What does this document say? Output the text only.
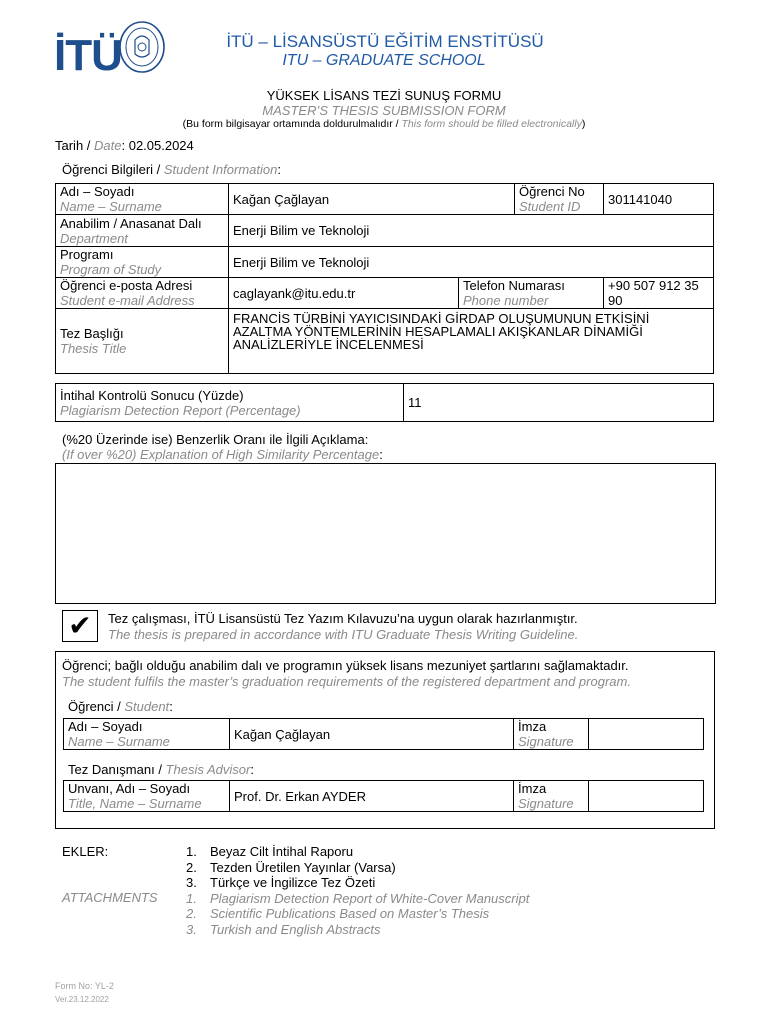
İTÜ	İTÜ – LİSANSÜSTÜ EĞİTİM ENSTİTÜSÜ
ITU – GRADUATE SCHOOL
YÜKSEK LİSANS TEZİ SUNUŞ FORMU
MASTER’S THESIS SUBMISSION FORM
(Bu form bilgisayar ortamında doldurulmalıdır / This form should be filled electronically)
Tarih / Date: 02.05.2024
Öğrenci Bilgileri / Student Information:
Adı – Soyadı
Name – Surname	Kağan Çağlayan		Öğrenci No
Student ID	301141040

Anabilim / Anasanat Dalı
Department	Enerji Bilim ve Teknoloji			

Programı
Program of Study	Enerji Bilim ve Teknoloji			

Öğrenci e-posta Adresi
Student e-mail Address	caglayank@itu.edu.tr	Telefon Numarası
Phone number		+90 507 912 35 90

Tez Başlığı
Thesis Title	FRANCİS TÜRBİNİ YAYICISINDAKİ GİRDAP OLUŞUMUNUN ETKİSİNİ AZALTMA YÖNTEMLERİNİN HESAPLAMALI AKIŞKANLAR DİNAMİĞİ ANALİZLERİYLE İNCELENMESİ			
İntihal Kontrolü Sonucu (Yüzde)
Plagiarism Detection Report (Percentage)	11
(%20 Üzerinde ise) Benzerlik Oranı ile İlgili Açıklama:
(If over %20) Explanation of High Similarity Percentage:
✔	Tez çalışması, İTÜ Lisansüstü Tez Yazım Kılavuzu’na uygun olarak hazırlanmıştır.
The thesis is prepared in accordance with ITU Graduate Thesis Writing Guideline.
Öğrenci; bağlı olduğu anabilim dalı ve programın yüksek lisans mezuniyet şartlarını sağlamaktadır.
The student fulfils the master’s graduation requirements of the registered department and program.
Öğrenci / Student:
Adı – Soyadı
Name – Surname	Kağan Çağlayan	İmza
Signature

Tez Danışmanı / Thesis Advisor:
Unvanı, Adı – Soyadı
Title, Name – Surname	Prof. Dr. Erkan AYDER	İmza
Signature

EKLER:
ATTACHMENTS
1. Beyaz Cilt İntihal Raporu
2. Tezden Üretilen Yayınlar (Varsa)
3. Türkçe ve İngilizce Tez Özeti
1. Plagiarism Detection Report of White-Cover Manuscript
2. Scientific Publications Based on Master’s Thesis
3. Turkish and English Abstracts
Form No: YL-2
Ver.23.12.2022
